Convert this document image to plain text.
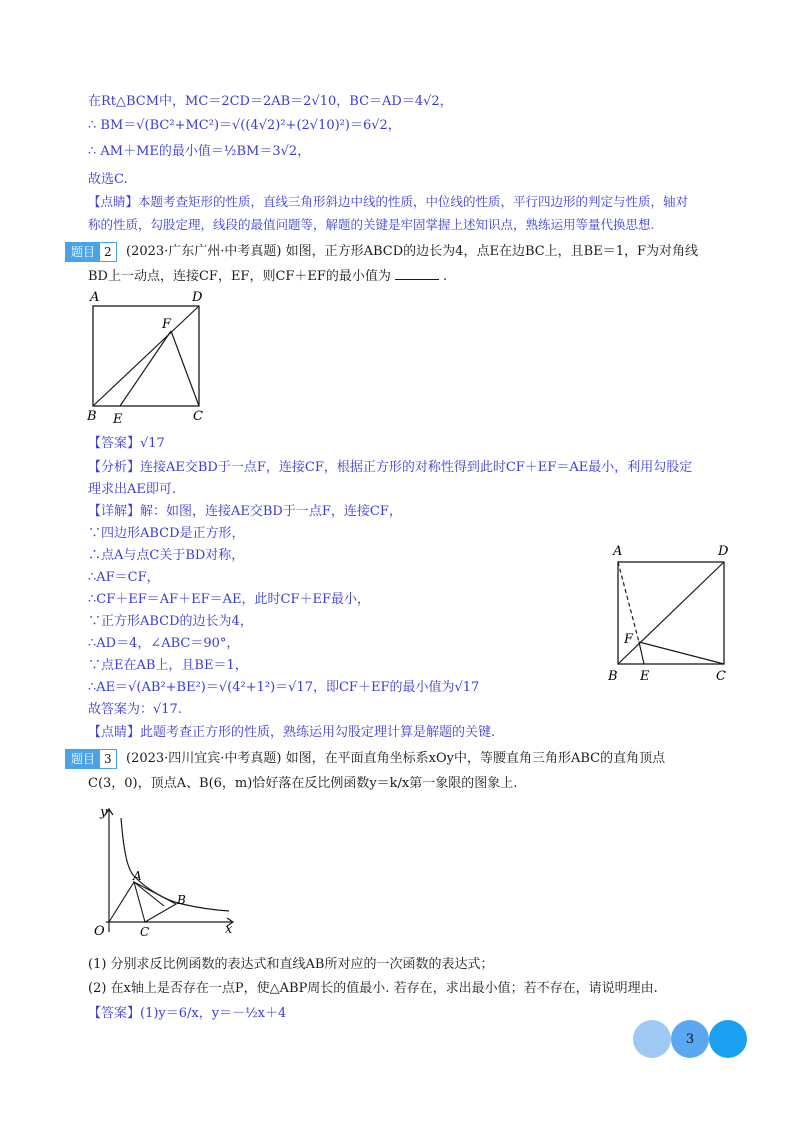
在Rt△BCM中，MC＝2CD＝2AB＝2√10，BC＝AD＝4√2，
∴ BM＝√(BC²+MC²)＝√((4√2)²+(2√10)²)＝6√2，
∴ AM＋ME的最小值＝½BM＝3√2，
故选C.
【点睛】本题考查矩形的性质，直线三角形斜边中线的性质，中位线的性质，平行四边形的判定与性质，轴对
称的性质，勾股定理，线段的最值问题等，解题的关键是牢固掌握上述知识点，熟练运用等量代换思想.
题目 2	(2023·广东广州·中考真题) 如图，正方形ABCD的边长为4，点E在边BC上，且BE＝1，F为对角线
BD上一动点，连接CF，EF，则CF＋EF的最小值为	.
A	D
F
B E	C
【答案】√17
【分析】连接AE交BD于一点F，连接CF，根据正方形的对称性得到此时CF＋EF＝AE最小，利用勾股定
理求出AE即可.
【详解】解：如图，连接AE交BD于一点F，连接CF，
∵四边形ABCD是正方形，
∴点A与点C关于BD对称，
∴AF＝CF，
∴CF＋EF＝AF＋EF＝AE，此时CF＋EF最小，
∵正方形ABCD的边长为4，
∴AD＝4，∠ABC＝90°，
∵点E在AB上，且BE＝1，
∴AE＝√(AB²+BE²)＝√(4²+1²)＝√17，即CF＋EF的最小值为√17
故答案为：√17.
【点睛】此题考查正方形的性质，熟练运用勾股定理计算是解题的关键.
A	D
F
B E	C
题目 3	(2023·四川宜宾·中考真题) 如图，在平面直角坐标系xOy中，等腰直角三角形ABC的直角顶点
C(3，0)，顶点A、B(6，m)恰好落在反比例函数y＝k/x第一象限的图象上.
y
x
O
A
B
C
(1) 分别求反比例函数的表达式和直线AB所对应的一次函数的表达式；
(2) 在x轴上是否存在一点P，使△ABP周长的值最小. 若存在，求出最小值；若不存在，请说明理由.
【答案】(1)y＝6/x，y＝－½x＋4
3
